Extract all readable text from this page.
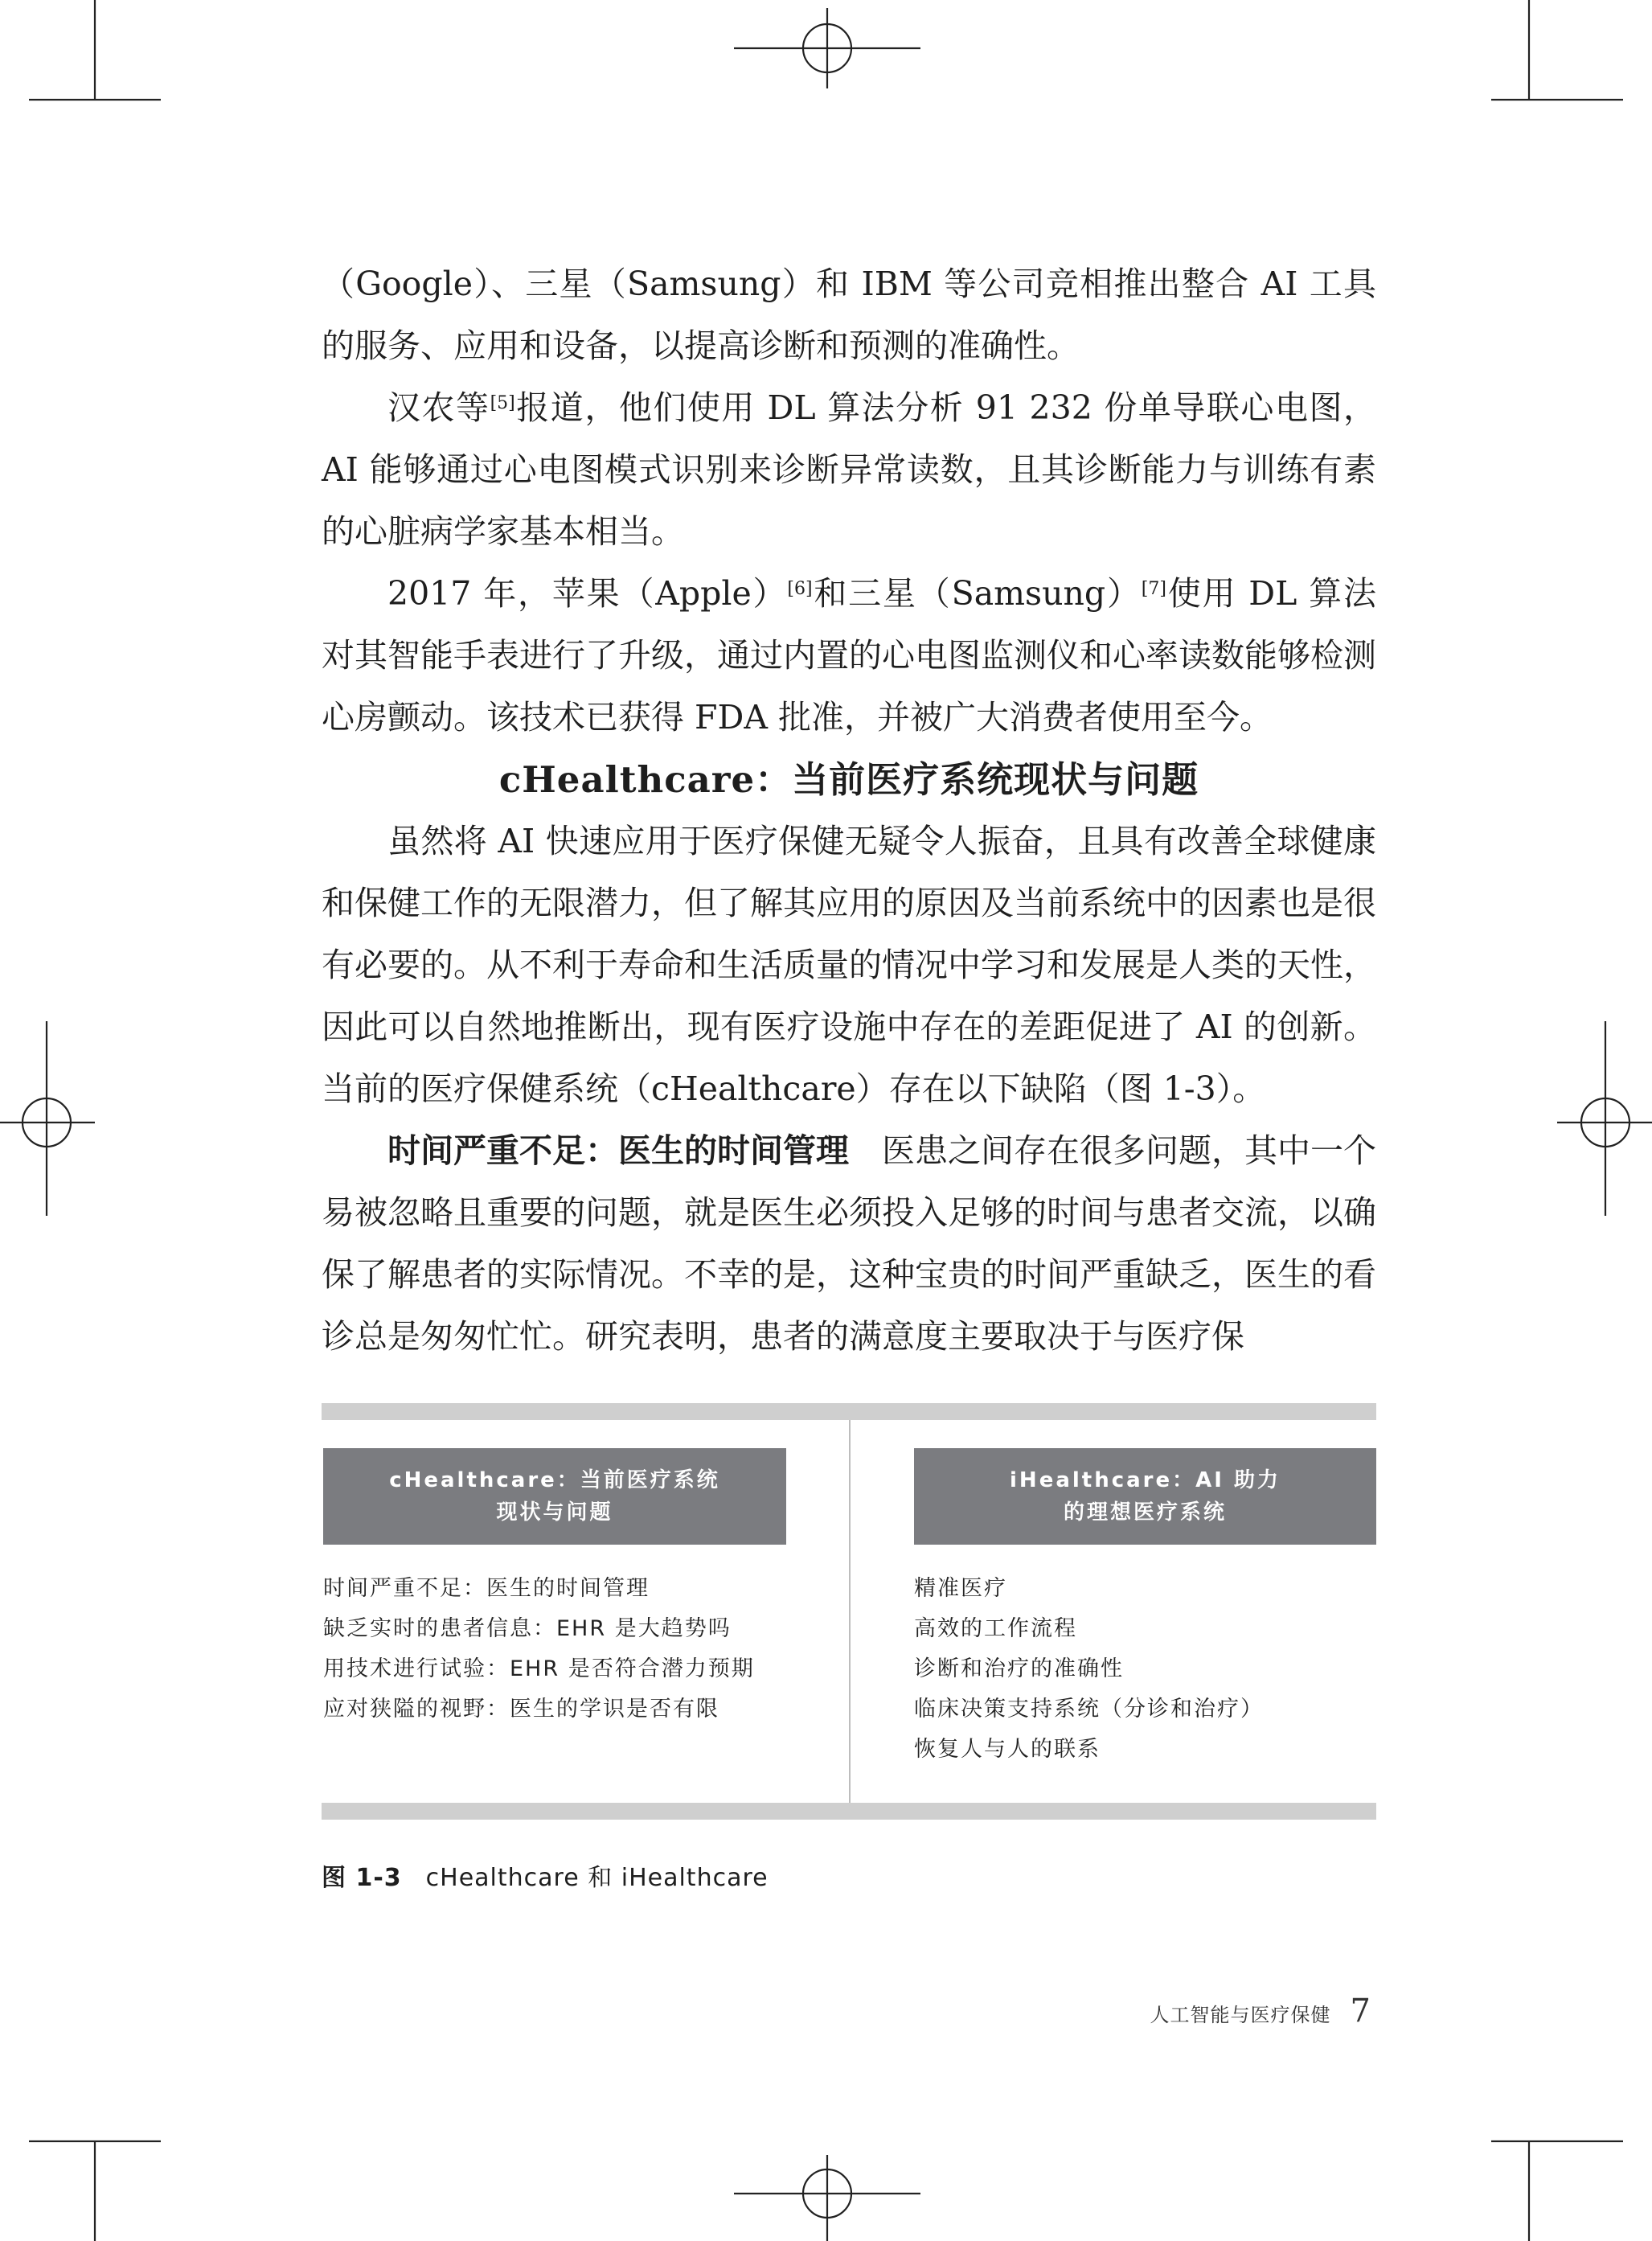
（Google）、三星（Samsung）和 IBM 等公司竞相推出整合 AI 工具的服务、应用和设备，以提高诊断和预测的准确性。

汉农等[5]报道，他们使用 DL 算法分析 91 232 份单导联心电图，AI 能够通过心电图模式识别来诊断异常读数，且其诊断能力与训练有素的心脏病学家基本相当。

2017 年，苹果（Apple）[6]和三星（Samsung）[7]使用 DL 算法对其智能手表进行了升级，通过内置的心电图监测仪和心率读数能够检测心房颤动。该技术已获得 FDA 批准，并被广大消费者使用至今。

cHealthcare：当前医疗系统现状与问题

虽然将 AI 快速应用于医疗保健无疑令人振奋，且具有改善全球健康和保健工作的无限潜力，但了解其应用的原因及当前系统中的因素也是很有必要的。从不利于寿命和生活质量的情况中学习和发展是人类的天性，因此可以自然地推断出，现有医疗设施中存在的差距促进了 AI 的创新。当前的医疗保健系统（cHealthcare）存在以下缺陷（图 1-3）。

时间严重不足：医生的时间管理　 医患之间存在很多问题，其中一个易被忽略且重要的问题，就是医生必须投入足够的时间与患者交流，以确保了解患者的实际情况。不幸的是，这种宝贵的时间严重缺乏，医生的看诊总是匆匆忙忙。研究表明，患者的满意度主要取决于与医疗保

cHealthcare：当前医疗系统
现状与问题
iHealthcare：AI 助力
的理想医疗系统
时间严重不足：医生的时间管理
缺乏实时的患者信息：EHR 是大趋势吗
用技术进行试验：EHR 是否符合潜力预期
应对狭隘的视野：医生的学识是否有限
精准医疗
高效的工作流程
诊断和治疗的准确性
临床决策支持系统（分诊和治疗）
恢复人与人的联系
图 1-3 cHealthcare 和 iHealthcare
人工智能与医疗保健 7
